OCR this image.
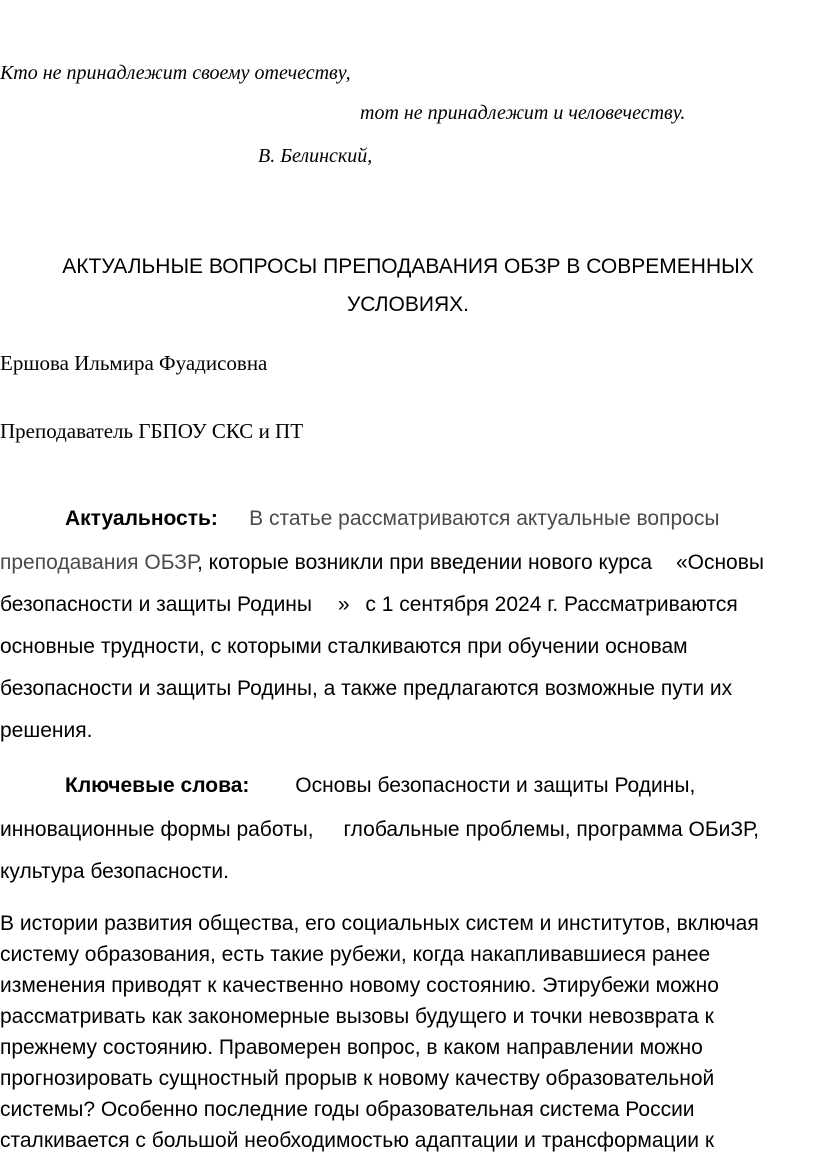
Кто не принадлежит своему отечеству,
тот не принадлежит и человечеству.
В. Белинский,
АКТУАЛЬНЫЕ ВОПРОСЫ ПРЕПОДАВАНИЯ ОБЗР В СОВРЕМЕННЫХ
УСЛОВИЯХ.
Ершова Ильмира Фуадисовна
Преподаватель ГБПОУ СКС и ПТ
Актуальность: В статье рассматриваются актуальные вопросы
преподавания ОБЗР, которые возникли при введении нового курса «Основы
безопасности и защиты Родины » с 1 сентября 2024 г. Рассматриваются
основные трудности, с которыми сталкиваются при обучении основам
безопасности и защиты Родины, а также предлагаются возможные пути их
решения.
Ключевые слова: Основы безопасности и защиты Родины,
инновационные формы работы, глобальные проблемы, программа ОБиЗР,
культура безопасности.
В истории развития общества, его социальных систем и институтов, включая
систему образования, есть такие рубежи, когда накапливавшиеся ранее
изменения приводят к качественно новому состоянию. Этирубежи можно
рассматривать как закономерные вызовы будущего и точки невозврата к
прежнему состоянию. Правомерен вопрос, в каком направлении можно
прогнозировать сущностный прорыв к новому качеству образовательной
системы? Особенно последние годы образовательная система России
сталкивается с большой необходимостью адаптации и трансформации к
